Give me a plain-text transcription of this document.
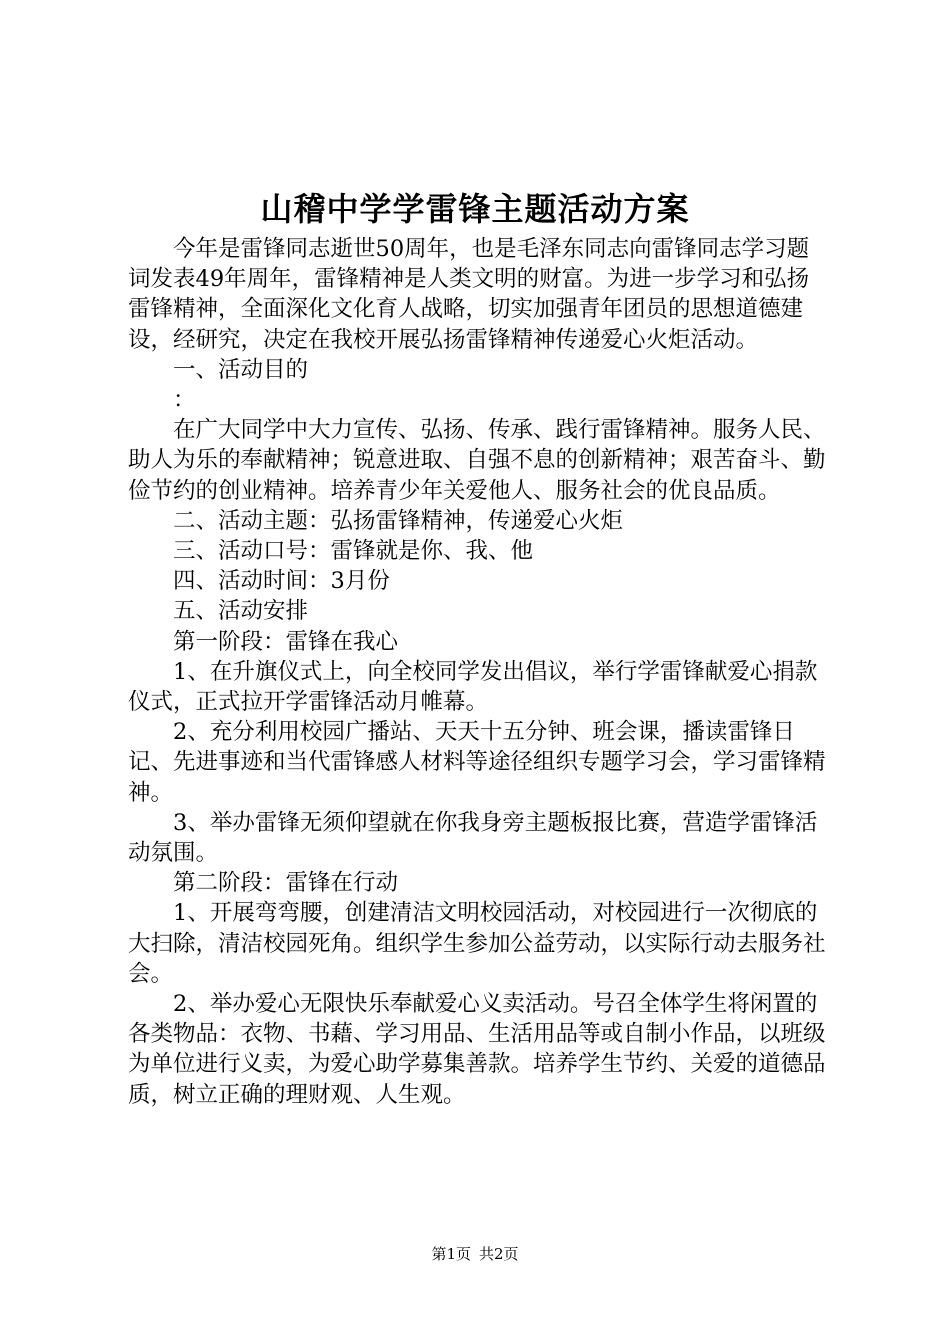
山稽中学学雷锋主题活动方案

今年是雷锋同志逝世50周年，也是毛泽东同志向雷锋同志学习题词发表49年周年，雷锋精神是人类文明的财富。为进一步学习和弘扬雷锋精神，全面深化文化育人战略，切实加强青年团员的思想道德建设，经研究，决定在我校开展弘扬雷锋精神传递爱心火炬活动。

一、活动目的

：

在广大同学中大力宣传、弘扬、传承、践行雷锋精神。服务人民、助人为乐的奉献精神；锐意进取、自强不息的创新精神；艰苦奋斗、勤俭节约的创业精神。培养青少年关爱他人、服务社会的优良品质。

二、活动主题：弘扬雷锋精神，传递爱心火炬

三、活动口号：雷锋就是你、我、他

四、活动时间：3月份

五、活动安排

第一阶段：雷锋在我心

1、在升旗仪式上，向全校同学发出倡议，举行学雷锋献爱心捐款仪式，正式拉开学雷锋活动月帷幕。

2、充分利用校园广播站、天天十五分钟、班会课，播读雷锋日记、先进事迹和当代雷锋感人材料等途径组织专题学习会，学习雷锋精神。

3、举办雷锋无须仰望就在你我身旁主题板报比赛，营造学雷锋活动氛围。

第二阶段：雷锋在行动

1、开展弯弯腰，创建清洁文明校园活动，对校园进行一次彻底的大扫除，清洁校园死角。组织学生参加公益劳动，以实际行动去服务社会。

2、举办爱心无限快乐奉献爱心义卖活动。号召全体学生将闲置的各类物品：衣物、书藉、学习用品、生活用品等或自制小作品，以班级为单位进行义卖，为爱心助学募集善款。培养学生节约、关爱的道德品质，树立正确的理财观、人生观。

第1页 共2页
